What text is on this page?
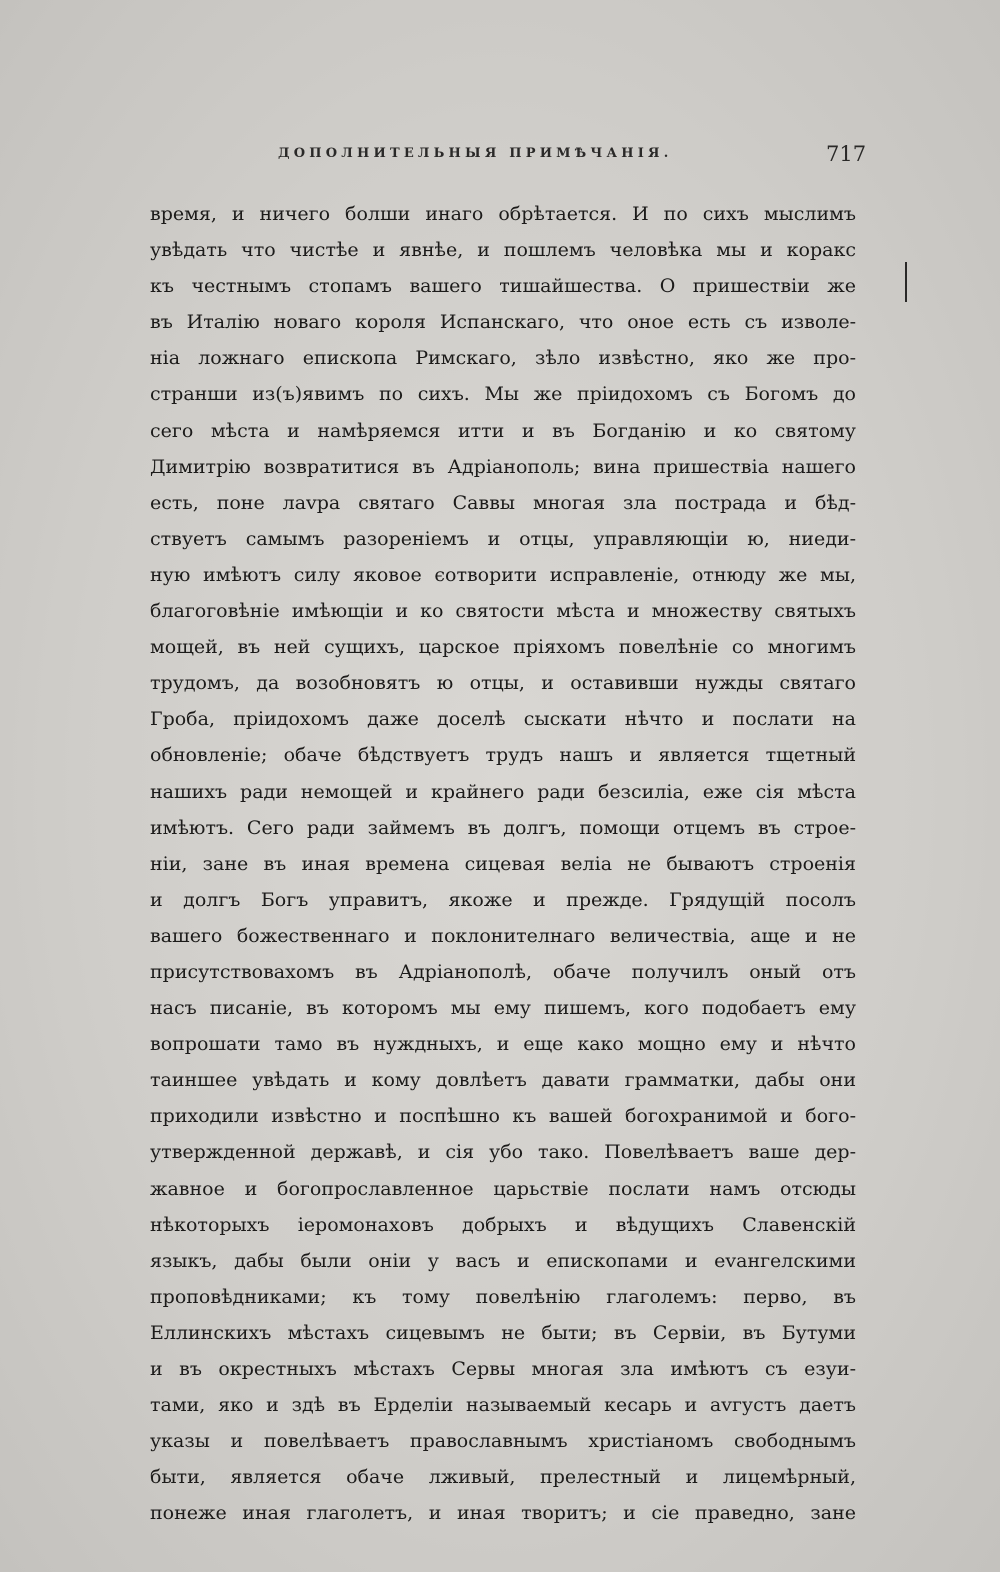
ДОПОЛНИТЕЛЬНЫЯ ПРИМѢЧАНІЯ.	717
время, и ничего болши инаго обрѣтается. И по сихъ мыслимъ
увѣдать что чистѣе и явнѣе, и пошлемъ человѣка мы и коракс
къ честнымъ стопамъ вашего тишайшества. О пришествіи же
въ Италію новаго короля Испанскаго, что оное есть съ изволе-
ніа ложнаго епископа Римскаго, зѣло извѣстно, яко же про-
странши из(ъ)явимъ по сихъ. Мы же пріидохомъ съ Богомъ до
сего мѣста и намѣряемся итти и въ Богданію и ко святому
Димитрію возвратитися въ Адріанополь; вина пришествіа нашего
есть, поне лаvра святаго Саввы многая зла пострада и бѣд-
ствуетъ самымъ разореніемъ и отцы, управляющіи ю, ниеди-
ную имѣютъ силу яковое єотворити исправленіе, отнюду же мы,
благоговѣніе имѣющіи и ко святости мѣста и множеству святыхъ
мощей, въ ней сущихъ, царское пріяхомъ повелѣніе со многимъ
трудомъ, да возобновятъ ю отцы, и оставивши нужды святаго
Гроба, пріидохомъ даже доселѣ сыскати нѣчто и послати на
обновленіе; обаче бѣдствуетъ трудъ нашъ и является тщетный
нашихъ ради немощей и крайнего ради безсиліа, еже сія мѣста
имѣютъ. Сего ради займемъ въ долгъ, помощи отцемъ въ строе-
ніи, зане въ иная времена сицевая веліа не бываютъ строенія
и долгъ Богъ управитъ, якоже и прежде. Грядущій посолъ
вашего божественнаго и поклонителнаго величествіа, аще и не
присутствовахомъ въ Адріанополѣ, обаче получилъ оный отъ
насъ писаніе, въ которомъ мы ему пишемъ, кого подобаетъ ему
вопрошати тамо въ нуждныхъ, и еще како мощно ему и нѣчто
таиншее увѣдать и кому довлѣетъ давати грамматки, дабы они
приходили извѣстно и поспѣшно къ вашей богохранимой и бого-
утвержденной державѣ, и сія убо тако. Повелѣваетъ ваше дер-
жавное и богопрославленное царьствіе послати намъ отсюды
нѣкоторыхъ іеромонаховъ добрыхъ и вѣдущихъ Славенскій
языкъ, дабы были оніи у васъ и епископами и еvангелскими
проповѣдниками; къ тому повелѣнію глаголемъ: перво, въ
Еллинскихъ мѣстахъ сицевымъ не быти; въ Сервіи, въ Бутуми
и въ окрестныхъ мѣстахъ Сервы многая зла имѣютъ съ езуи-
тами, яко и здѣ въ Ерделіи называемый кесарь и аvгустъ даетъ
указы и повелѣваетъ православнымъ христіаномъ свободнымъ
быти, является обаче лживый, прелестный и лицемѣрный,
понеже иная глаголетъ, и иная творитъ; и сіе праведно, зане
